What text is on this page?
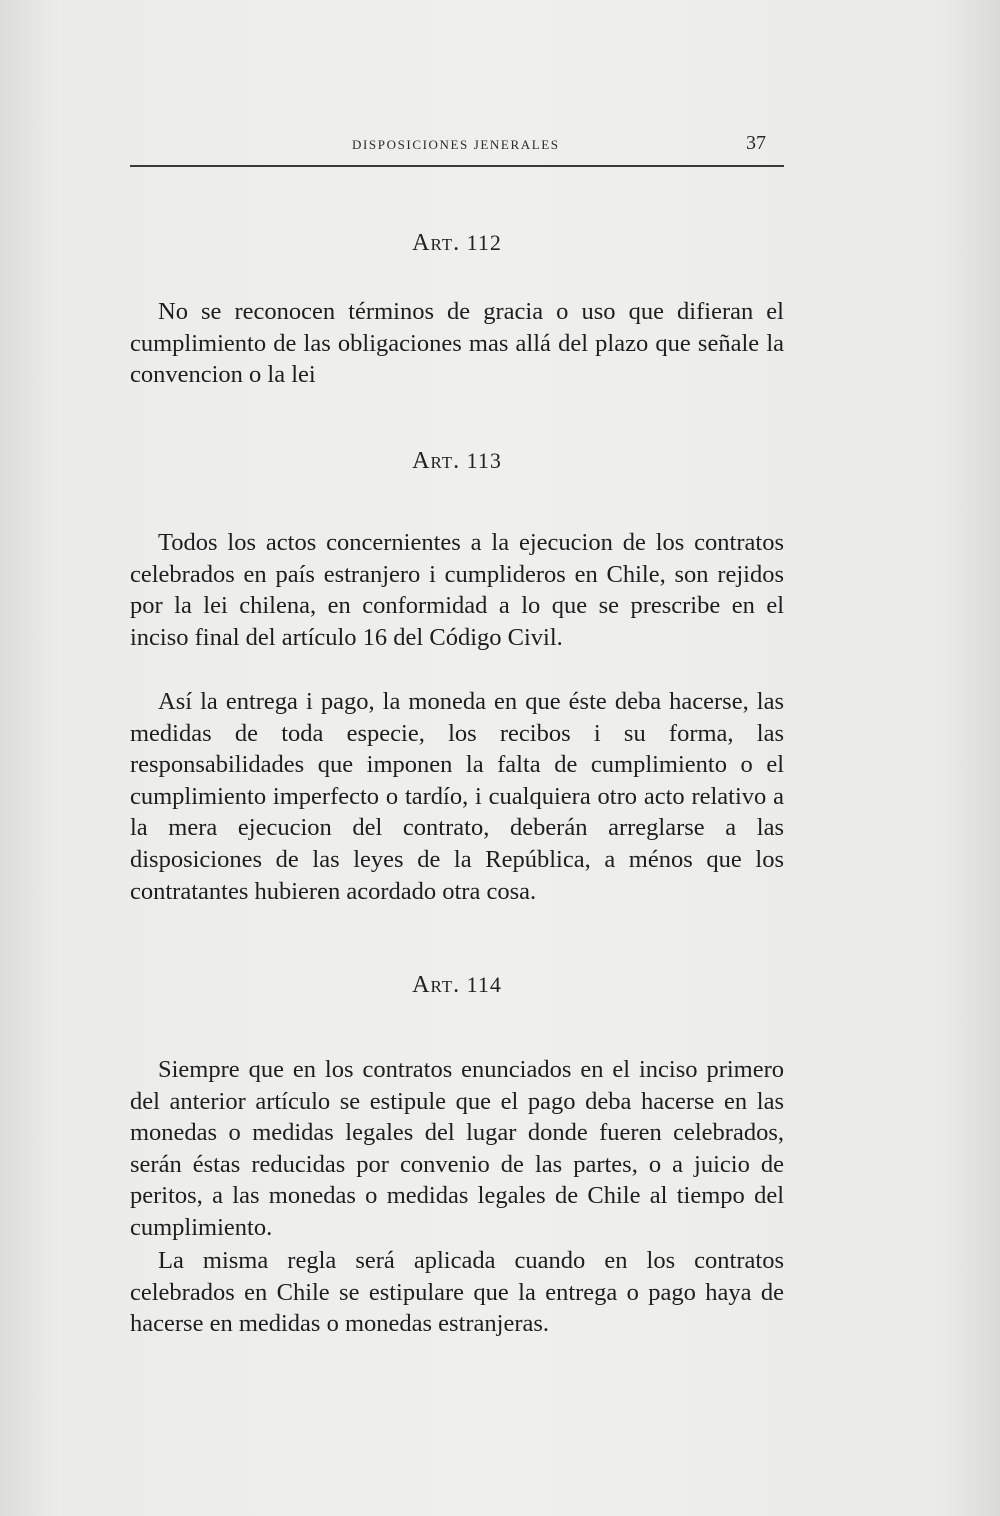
DISPOSICIONES JENERALES	37
Art. 112

No se reconocen términos de gracia o uso que difieran el cumplimiento de las obligaciones mas allá del plazo que señale la convencion o la lei

Art. 113

Todos los actos concernientes a la ejecucion de los contratos celebrados en país estranjero i cumplideros en Chile, son rejidos por la lei chilena, en conformidad a lo que se prescribe en el inciso final del artículo 16 del Código Civil.

Así la entrega i pago, la moneda en que éste deba hacerse, las medidas de toda especie, los recibos i su forma, las responsabilidades que imponen la falta de cumplimiento o el cumplimiento imperfecto o tardío, i cualquiera otro acto relativo a la mera ejecucion del contrato, deberán arreglarse a las disposiciones de las leyes de la República, a ménos que los contratantes hubieren acordado otra cosa.

Art. 114

Siempre que en los contratos enunciados en el inciso primero del anterior artículo se estipule que el pago deba hacerse en las monedas o medidas legales del lugar donde fueren celebrados, serán éstas reducidas por convenio de las partes, o a juicio de peritos, a las monedas o medidas legales de Chile al tiempo del cumplimiento.

La misma regla será aplicada cuando en los contratos celebrados en Chile se estipulare que la entrega o pago haya de hacerse en medidas o monedas estranjeras.
